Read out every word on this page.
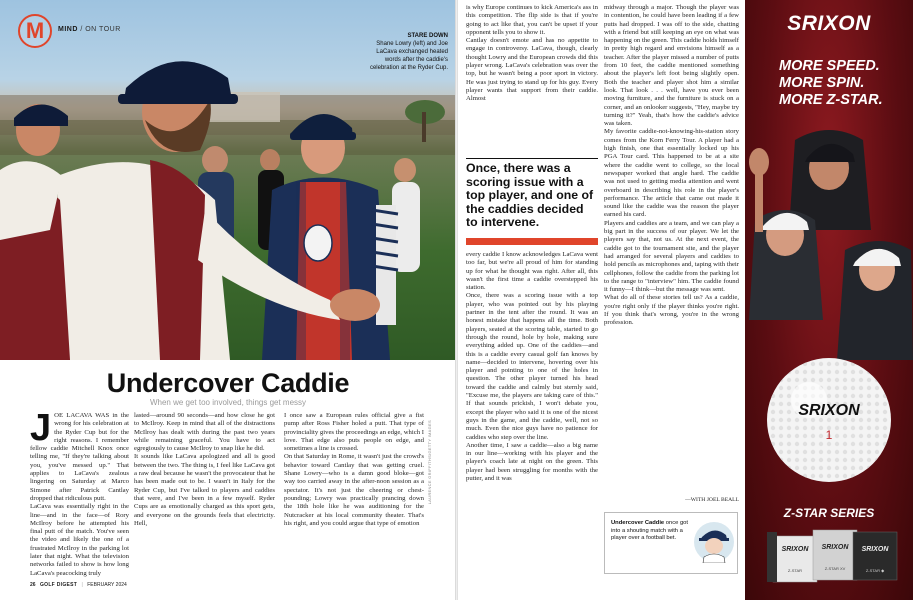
M	MIND / ON TOUR
STARE DOWN
Shane Lowry (left) and Joe LaCava exchanged heated words after the caddie's celebration at the Ryder Cup.
Undercover Caddie
When we get too involved, things get messy
J OE LACAVA WAS in the wrong for his celebration at the Ryder Cup but for the right reasons. I remember fellow caddie Mitchell Knox once telling me, "If they're talking about you, you've messed up." That applies to LaCava's zealous lingering on Saturday at Marco Simone after Patrick Cantlay dropped that ridiculous putt.
LaCava was essentially right in the line—and in the face—of Rory McIlroy before he attempted his final putt of the match. You've seen the video and likely the one of a frustrated McIlroy in the parking lot later that night. What the television networks failed to show is how long LaCava's peacocking truly
lasted—around 90 seconds—and how close he got to McIlroy. Keep in mind that all of the distractions McIlroy has dealt with during the past two years while remaining graceful. You have to act egregiously to cause McIlroy to snap like he did.
It sounds like LaCava apologized and all is good between the two. The thing is, I feel like LaCava got a raw deal because he wasn't the provocateur that he has been made out to be. I wasn't in Italy for the Ryder Cup, but I've talked to players and caddies that were, and I've been in a few myself. Ryder Cups are as emotionally charged as this sport gets, and everyone on the grounds feels that electricity. Hell,
I once saw a European rules official give a fist pump after Ross Fisher holed a putt. That type of provinciality gives the proceedings an edge, which I love. That edge also puts people on edge, and sometimes a line is crossed.
On that Saturday in Rome, it wasn't just the crowd's behavior toward Cantlay that was getting cruel. Shane Lowry—who is a damn good bloke—got way too carried away in the after-noon session as a spectator. It's not just the cheering or chest-pounding; Lowry was practically prancing down the 18th hole like he was auditioning for the Nutcracker at his local community theater. That's his right, and you could argue that type of emotion
LAURENCE GRIFFITHS/GETTY IMAGES
26 GOLF DIGEST | FEBRUARY 2024
is why Europe continues to kick America's ass in this competition. The flip side is that if you're going to act like that, you can't be upset if your opponent tells you to show it.
Cantlay doesn't emote and has no appetite to engage in controversy. LaCava, though, clearly thought Lowry and the European crowds did this player wrong. LaCava's celebration was over the top, but he wasn't being a poor sport in victory. He was just trying to stand up for his guy. Every player wants that support from their caddie. Almost
Once, there was a scoring issue with a top player, and one of the caddies decided to intervene.
every caddie I know acknowledges LaCava went too far, but we're all proud of him for standing up for what he thought was right. After all, this wasn't the first time a caddie overstepped his station.
Once, there was a scoring issue with a top player, who was pointed out by his playing partner in the tent after the round. It was an honest mistake that happens all the time. Both players, seated at the scoring table, started to go through the round, hole by hole, making sure everything added up. One of the caddies—and this is a caddie every casual golf fan knows by name—decided to intervene, hovering over his player and pointing to one of the holes in question. The other player turned his head toward the caddie and calmly but sternly said, "Excuse me, the players are taking care of this." If that sounds prickish, I won't debate you, except the player who said it is one of the nicest guys in the game, and the caddie, well, not so much. Even the nice guys have no patience for caddies who step over the line.
Another time, I saw a caddie—also a big name in our line—working with his player and the player's coach late at night on the green. This player had been struggling for months with the putter, and it was
midway through a major. Though the player was in contention, he could have been leading if a few putts had dropped. I was off to the side, chatting with a friend but still keeping an eye on what was happening on the green. This caddie holds himself in pretty high regard and envisions himself as a teacher. After the player missed a number of putts from 10 feet, the caddie mentioned something about the player's left foot being slightly open. Both the teacher and player shot him a similar look. That look . . . well, have you ever been moving furniture, and the furniture is stuck on a corner, and an onlooker suggests, "Hey, maybe try turning it?" Yeah, that's how the caddie's advice was taken.
My favorite caddie-not-knowing-his-station story comes from the Korn Ferry Tour. A player had a high finish, one that essentially locked up his PGA Tour card. This happened to be at a site where the caddie went to college, so the local newspaper worked that angle hard. The caddie was not used to getting media attention and went overboard in describing his role in the player's performance. The article that came out made it sound like the caddie was the reason the player earned his card.
Players and caddies are a team, and we can play a big part in the success of our player. We let the players say that, not us. At the next event, the caddie got to the tournament site, and the player had arranged for several players and caddies to hold pencils as microphones and, taping with their cellphones, follow the caddie from the parking lot to the range to "interview" him. The caddie found it funny—I think—but the message was sent.
What do all of these stories tell us? As a caddie, you're right only if the player thinks you're right. If you think that's wrong, you're in the wrong profession.
—WITH JOEL BEALL
Undercover Caddie once got into a shouting match with a player over a football bet.
SRIXON
MORE SPEED.
MORE SPIN.
MORE Z-STAR.
SRIXON
1
Z-STAR SERIES
SRIXON
Z-STAR
SRIXON
Z-STAR XV
SRIXON
Z-STAR ◆
